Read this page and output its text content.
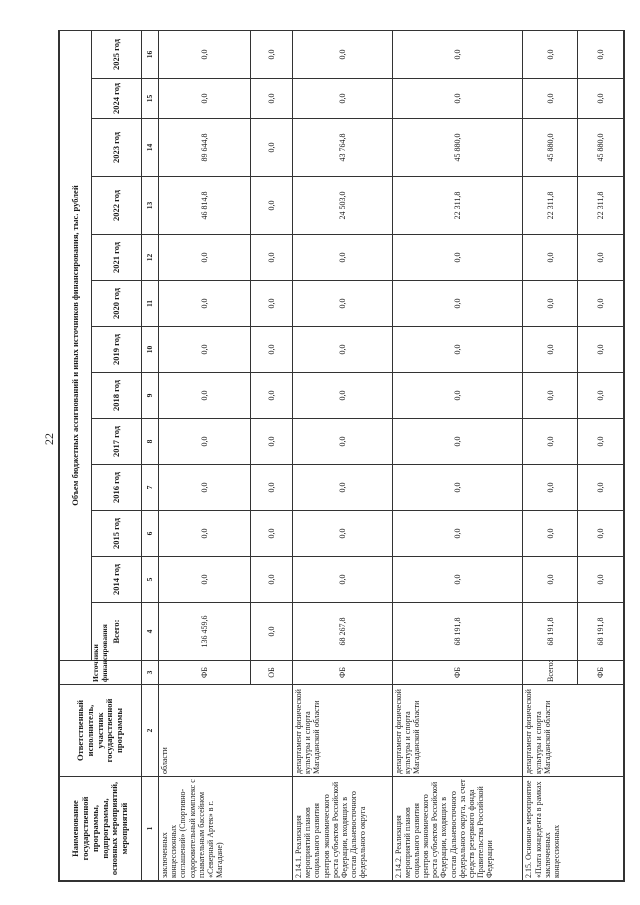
22
Наименование государственной программы, подпрограммы, основных мероприятий, мероприятий	Ответственный исполнитель, участник государственной программы	Источники финансирования	Объем бюджетных ассигнований и иных источников финансирования, тыс. рублей												
			Всего:	2014 год	2015 год	2016 год	2017 год	2018 год	2019 год	2020 год	2021 год	2022 год	2023 год	2024 год	2025 год
1	2	3	4	5	6	7	8	9	10	11	12	13	14	15	16
заключенных концессионных соглашений» (Спортивно-оздоровительный комплекс с плавательным бассейном «Северный Артек» в г. Магадане)	области	ФБ	136 459,6	0,0	0,0	0,0	0,0	0,0	0,0	0,0	0,0	46 814,8	89 644,8	0,0	0,0
		ОБ	0,0	0,0	0,0	0,0	0,0	0,0	0,0	0,0	0,0	0,0	0,0	0,0	0,0
2.14.1. Реализация мероприятий планов социального развития центров экономического роста субъектов Российской Федерации, входящих в состав Дальневосточного федерального округа	департамент физической культуры и спорта Магаданской области	ФБ	68 267,8	0,0	0,0	0,0	0,0	0,0	0,0	0,0	0,0	24 503,0	43 764,8	0,0	0,0
2.14.2. Реализация мероприятий планов социального развития центров экономического роста субъектов Российской Федерации, входящих в состав Дальневосточного федерального округа, за счет средств резервного фонда Правительства Российской Федерации	департамент физической культуры и спорта Магаданской области	ФБ	68 191,8	0,0	0,0	0,0	0,0	0,0	0,0	0,0	0,0	22 311,8	45 880,0	0,0	0,0
2.15. Основное мероприятие «Плата концедента в рамках заключенных концессионных	департамент физической культуры и спорта Магаданской области	Всего:	68 191,8	0,0	0,0	0,0	0,0	0,0	0,0	0,0	0,0	22 311,8	45 880,0	0,0	0,0
		ФБ	68 191,8	0,0	0,0	0,0	0,0	0,0	0,0	0,0	0,0	22 311,8	45 880,0	0,0	0,0
